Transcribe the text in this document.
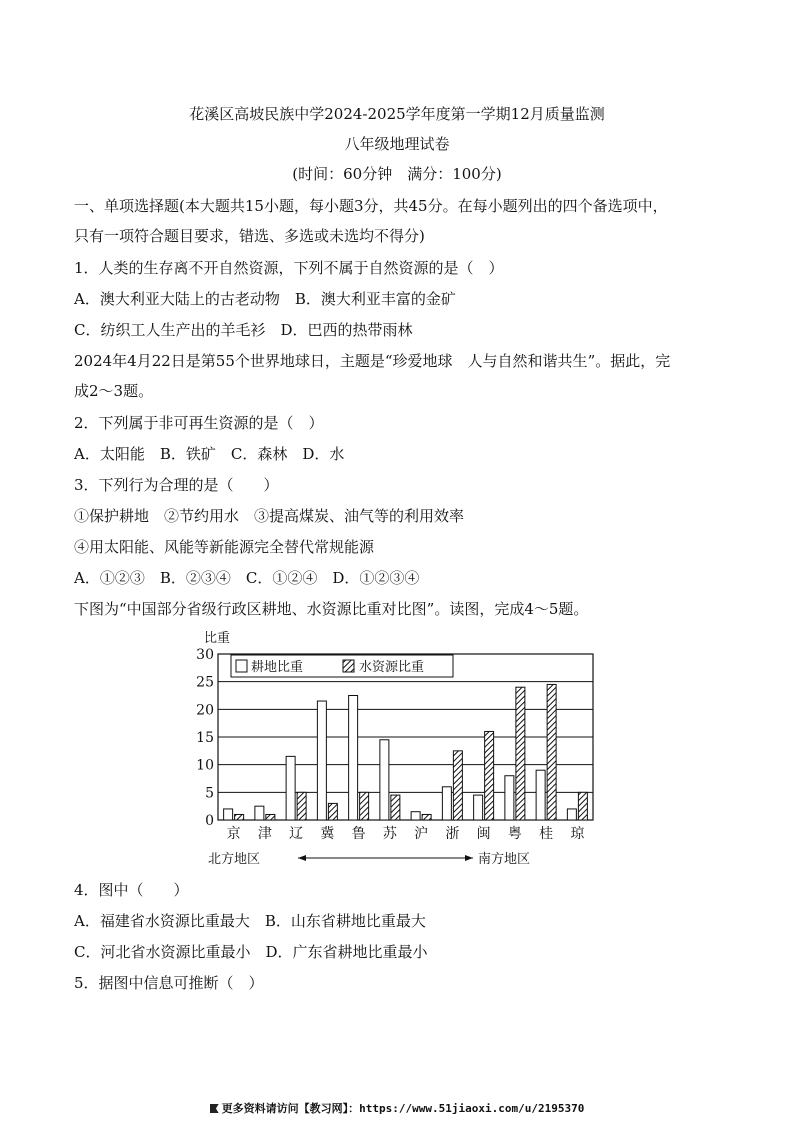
花溪区高坡民族中学2024-2025学年度第一学期12月质量监测
八年级地理试卷
(时间：60分钟　满分：100分)
一、单项选择题(本大题共15小题，每小题3分，共45分。在每小题列出的四个备选项中，
只有一项符合题目要求，错选、多选或未选均不得分)
1．人类的生存离不开自然资源，下列不属于自然资源的是（　）
A．澳大利亚大陆上的古老动物　B．澳大利亚丰富的金矿
C．纺织工人生产出的羊毛衫　D．巴西的热带雨林
2024年4月22日是第55个世界地球日，主题是“珍爱地球　人与自然和谐共生”。据此，完
成2～3题。
2．下列属于非可再生资源的是（　）
A．太阳能　B．铁矿　C．森林　D．水
3．下列行为合理的是（　　）
①保护耕地　②节约用水　③提高煤炭、油气等的利用效率
④用太阳能、风能等新能源完全替代常规能源
A．①②③　B．②③④　C．①②④　D．①②③④
下图为“中国部分省级行政区耕地、水资源比重对比图”。读图，完成4～5题。
比重
0
5
10
15
20
25
30
耕地比重	水资源比重
京 津 辽 冀 鲁 苏 沪 浙 闽 粤 桂 琼
北方地区	南方地区
4．图中（　　）
A．福建省水资源比重最大　B．山东省耕地比重最大
C．河北省水资源比重最小　D．广东省耕地比重最小
5．据图中信息可推断（　）
更多资料请访问【教习网】：https://www.51jiaoxi.com/u/2195370
